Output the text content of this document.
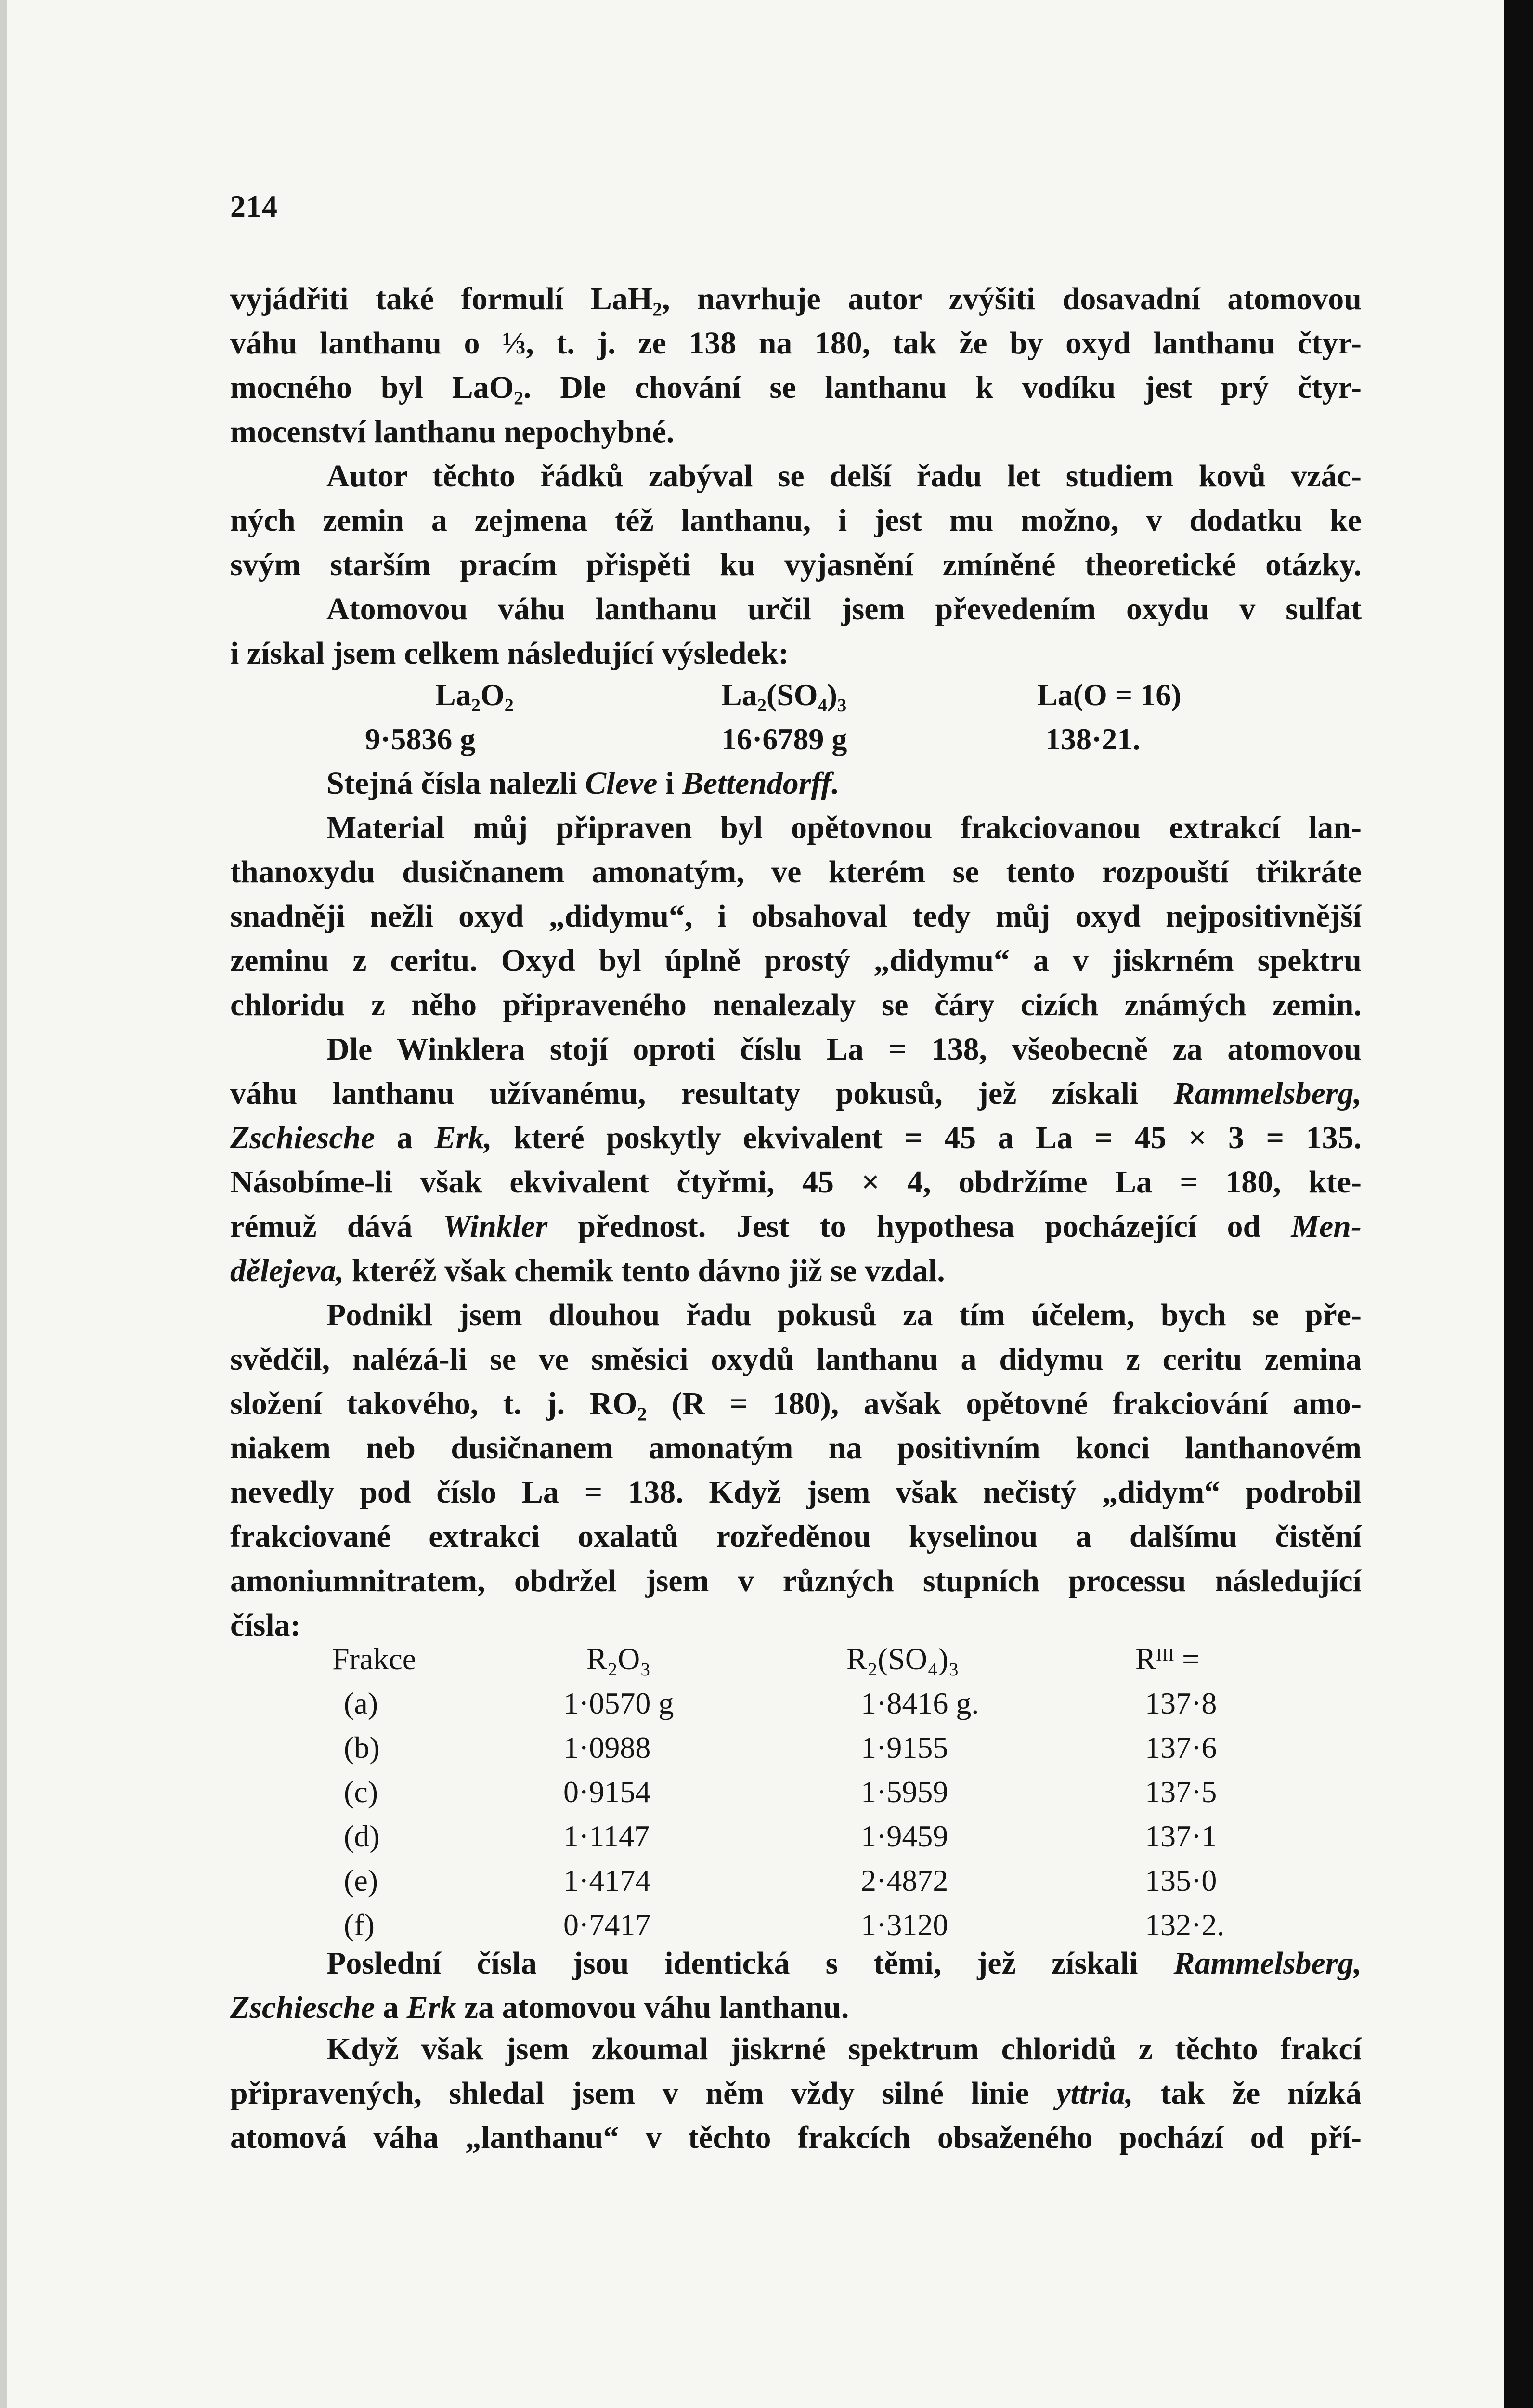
214
vyjádřiti také formulí LaH₂, navrhuje autor zvýšiti dosavadní atomovou
váhu lanthanu o ⅓, t. j. ze 138 na 180, tak že by oxyd lanthanu čtyr-
mocného byl LaO₂. Dle chování se lanthanu k vodíku jest prý čtyr-
mocenství lanthanu nepochybné.
Autor těchto řádků zabýval se delší řadu let studiem kovů vzác-
ných zemin a zejmena též lanthanu, i jest mu možno, v dodatku ke
svým starším pracím přispěti ku vyjasnění zmíněné theoretické otázky.
Atomovou váhu lanthanu určil jsem převedením oxydu v sulfat
i získal jsem celkem následující výsledek:
La₂O₂	La₂(SO₄)₃	La(O = 16)
9·5836 g	16·6789 g	138·21.
Stejná čísla nalezli Cleve i Bettendorff.
Material můj připraven byl opětovnou frakciovanou extrakcí lan-
thanoxydu dusičnanem amonatým, ve kterém se tento rozpouští třikráte
snadněji nežli oxyd „didymu“, i obsahoval tedy můj oxyd nejpositivnější
zeminu z ceritu. Oxyd byl úplně prostý „didymu“ a v jiskrném spektru
chloridu z něho připraveného nenalezaly se čáry cizích známých zemin.
Dle Winklera stojí oproti číslu La = 138, všeobecně za atomovou
váhu lanthanu užívanému, resultaty pokusů, jež získali Rammelsberg,
Zschiesche a Erk, které poskytly ekvivalent = 45 a La = 45 × 3 = 135.
Násobíme-li však ekvivalent čtyřmi, 45 × 4, obdržíme La = 180, kte-
rémuž dává Winkler přednost. Jest to hypothesa pocházející od Men-
dělejeva, kteréž však chemik tento dávno již se vzdal.
Podnikl jsem dlouhou řadu pokusů za tím účelem, bych se pře-
svědčil, nalézá-li se ve směsici oxydů lanthanu a didymu z ceritu zemina
složení takového, t. j. RO₂ (R = 180), avšak opětovné frakciování amo-
niakem neb dusičnanem amonatým na positivním konci lanthanovém
nevedly pod číslo La = 138. Když jsem však nečistý „didym“ podrobil
frakciované extrakci oxalatů rozředěnou kyselinou a dalšímu čistění
amoniumnitratem, obdržel jsem v různých stupních processu následující
čísla:
Frakce	R₂O₃	R₂(SO₄)₃	Rᴵᴵᴵ =
(a)	1·0570 g	1·8416 g.	137·8
(b)	1·0988	1·9155	137·6
(c)	0·9154	1·5959	137·5
(d)	1·1147	1·9459	137·1
(e)	1·4174	2·4872	135·0
(f)	0·7417	1·3120	132·2.
Poslední čísla jsou identická s těmi, jež získali Rammelsberg,
Zschiesche a Erk za atomovou váhu lanthanu.
Když však jsem zkoumal jiskrné spektrum chloridů z těchto frakcí
připravených, shledal jsem v něm vždy silné linie yttria, tak že nízká
atomová váha „lanthanu“ v těchto frakcích obsaženého pochází od pří-
